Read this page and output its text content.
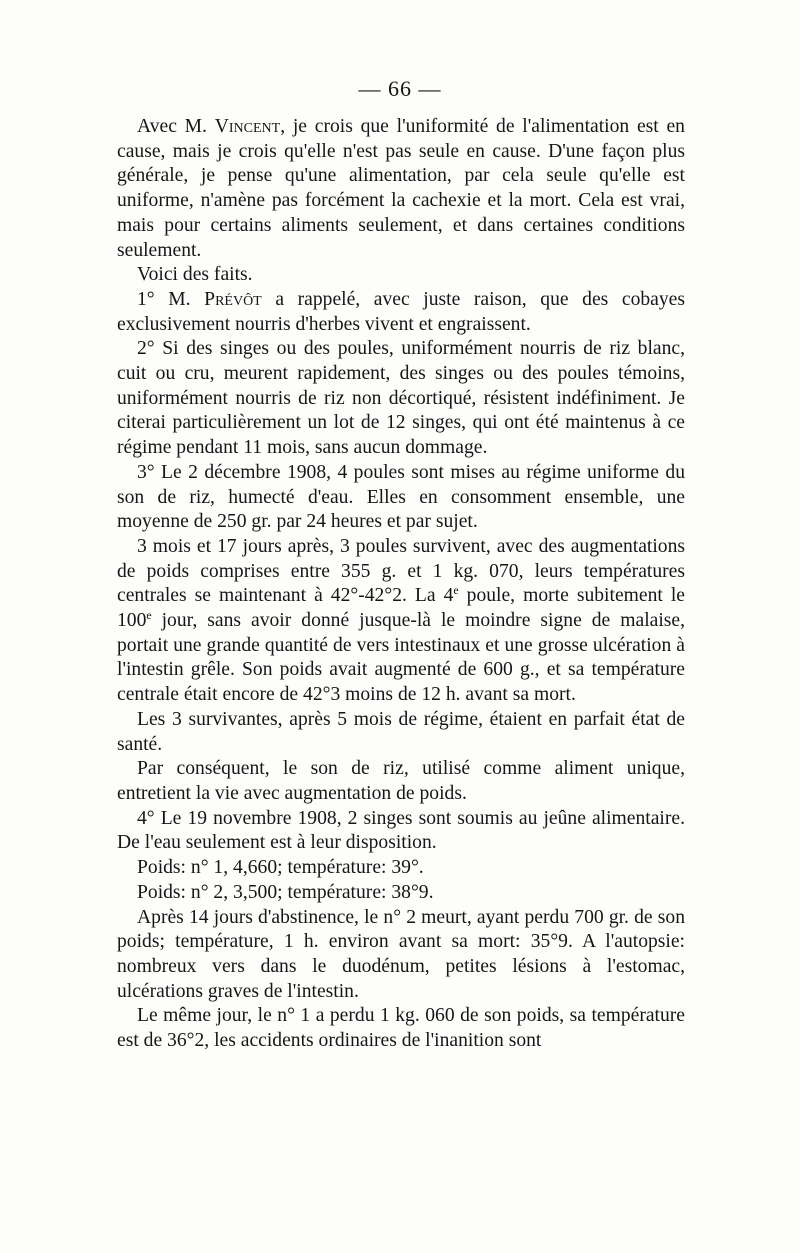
— 66 —

Avec M. Vincent, je crois que l'uniformité de l'alimentation est en cause, mais je crois qu'elle n'est pas seule en cause. D'une façon plus générale, je pense qu'une alimentation, par cela seule qu'elle est uniforme, n'amène pas forcément la cachexie et la mort. Cela est vrai, mais pour certains aliments seulement, et dans certaines conditions seulement.

Voici des faits.

1° M. Prévôt a rappelé, avec juste raison, que des cobayes exclusivement nourris d'herbes vivent et engraissent.

2° Si des singes ou des poules, uniformément nourris de riz blanc, cuit ou cru, meurent rapidement, des singes ou des poules témoins, uniformément nourris de riz non décortiqué, résistent indéfiniment. Je citerai particulièrement un lot de 12 singes, qui ont été maintenus à ce régime pendant 11 mois, sans aucun dommage.

3° Le 2 décembre 1908, 4 poules sont mises au régime uniforme du son de riz, humecté d'eau. Elles en consomment ensemble, une moyenne de 250 gr. par 24 heures et par sujet.

3 mois et 17 jours après, 3 poules survivent, avec des augmentations de poids comprises entre 355 g. et 1 kg. 070, leurs températures centrales se maintenant à 42°-42°2. La 4e poule, morte subitement le 100e jour, sans avoir donné jusque-là le moindre signe de malaise, portait une grande quantité de vers intestinaux et une grosse ulcération à l'intestin grêle. Son poids avait augmenté de 600 g., et sa température centrale était encore de 42°3 moins de 12 h. avant sa mort.

Les 3 survivantes, après 5 mois de régime, étaient en parfait état de santé.

Par conséquent, le son de riz, utilisé comme aliment unique, entretient la vie avec augmentation de poids.

4° Le 19 novembre 1908, 2 singes sont soumis au jeûne alimentaire. De l'eau seulement est à leur disposition.

Poids: n° 1, 4,660; température: 39°.

Poids: n° 2, 3,500; température: 38°9.

Après 14 jours d'abstinence, le n° 2 meurt, ayant perdu 700 gr. de son poids; température, 1 h. environ avant sa mort: 35°9. A l'autopsie: nombreux vers dans le duodénum, petites lésions à l'estomac, ulcérations graves de l'intestin.

Le même jour, le n° 1 a perdu 1 kg. 060 de son poids, sa température est de 36°2, les accidents ordinaires de l'inanition sont
